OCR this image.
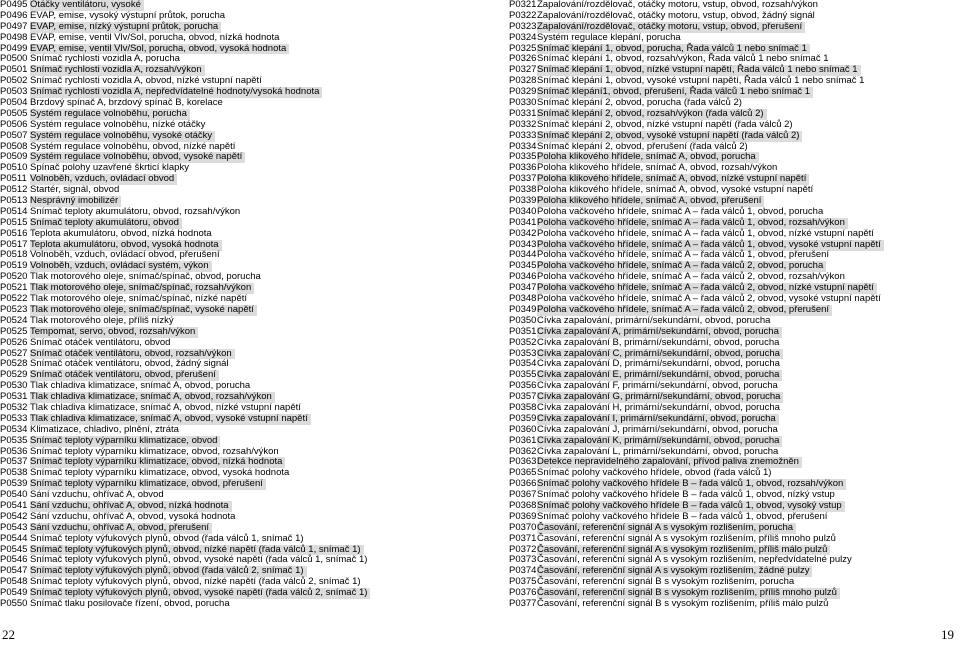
P0495 Otáčky ventilátoru, vysoké
P0496 EVAP, emise, vysoký výstupní průtok, porucha
P0497 EVAP, emise, nízký výstupní průtok, porucha
P0498 EVAP, emise, ventil Vlv/Sol, porucha, obvod, nízká hodnota
P0499 EVAP, emise, ventil Vlv/Sol, porucha, obvod, vysoká hodnota
P0500 Snímač rychlosti vozidla A, porucha
P0501 Snímač rychlosti vozidla A, rozsah/výkon
P0502 Snímač rychlosti vozidla A, obvod, nízké vstupní napětí
P0503 Snímač rychlosti vozidla A, nepředvídatelné hodnoty/vysoká hodnota
P0504 Brzdový spínač A, brzdový spínač B, korelace
P0505 Systém regulace volnoběhu, porucha
P0506 Systém regulace volnoběhu, nízké otáčky
P0507 Systém regulace volnoběhu, vysoké otáčky
P0508 Systém regulace volnoběhu, obvod, nízké napětí
P0509 Systém regulace volnoběhu, obvod, vysoké napětí
P0510 Spínač polohy uzavřené škrticí klapky
P0511 Volnoběh, vzduch, ovládací obvod
P0512 Startér, signál, obvod
P0513 Nesprávný imobilizér
P0514 Snímač teploty akumulátoru, obvod, rozsah/výkon
P0515 Snímač teploty akumulátoru, obvod
P0516 Teplota akumulátoru, obvod, nízká hodnota
P0517 Teplota akumulátoru, obvod, vysoká hodnota
P0518 Volnoběh, vzduch, ovládací obvod, přerušení
P0519 Volnoběh, vzduch, ovládací systém, výkon
P0520 Tlak motorového oleje, snímač/spínač, obvod, porucha
P0521 Tlak motorového oleje, snímač/spínač, rozsah/výkon
P0522 Tlak motorového oleje, snímač/spínač, nízké napětí
P0523 Tlak motorového oleje, snímač/spínač, vysoké napětí
P0524 Tlak motorového oleje, příliš nízký
P0525 Tempomat, servo, obvod, rozsah/výkon
P0526 Snímač otáček ventilátoru, obvod
P0527 Snímač otáček ventilátoru, obvod, rozsah/výkon
P0528 Snímač otáček ventilátoru, obvod, žádný signál
P0529 Snímač otáček ventilátoru, obvod, přerušení
P0530 Tlak chladiva klimatizace, snímač A, obvod, porucha
P0531 Tlak chladiva klimatizace, snímač A, obvod, rozsah/výkon
P0532 Tlak chladiva klimatizace, snímač A, obvod, nízké vstupní napětí
P0533 Tlak chladiva klimatizace, snímač A, obvod, vysoké vstupní napětí
P0534 Klimatizace, chladivo, plnění, ztráta
P0535 Snímač teploty výparníku klimatizace, obvod
P0536 Snímač teploty výparníku klimatizace, obvod, rozsah/výkon
P0537 Snímač teploty výparníku klimatizace, obvod, nízká hodnota
P0538 Snímač teploty výparníku klimatizace, obvod, vysoká hodnota
P0539 Snímač teploty výparníku klimatizace, obvod, přerušení
P0540 Sání vzduchu, ohřívač A, obvod
P0541 Sání vzduchu, ohřívač A, obvod, nízká hodnota
P0542 Sání vzduchu, ohřívač A, obvod, vysoká hodnota
P0543 Sání vzduchu, ohřívač A, obvod, přerušení
P0544 Snímač teploty výfukových plynů, obvod (řada válců 1, snímač 1)
P0545 Snímač teploty výfukových plynů, obvod, nízké napětí (řada válců 1, snímač 1)
P0546 Snímač teploty výfukových plynů, obvod, vysoké napětí (řada válců 1, snímač 1)
P0547 Snímač teploty výfukových plynů, obvod (řada válců 2, snímač 1)
P0548 Snímač teploty výfukových plynů, obvod, nízké napětí (řada válců 2, snímač 1)
P0549 Snímač teploty výfukových plynů, obvod, vysoké napětí (řada válců 2, snímač 1)
P0550 Snímač tlaku posilovače řízení, obvod, porucha
P0321 Zapalování/rozdělovač, otáčky motoru, vstup, obvod, rozsah/výkon
P0322 Zapalování/rozdělovač, otáčky motoru, vstup, obvod, žádný signál
P0323 Zapalování/rozdělovač, otáčky motoru, vstup, obvod, přerušení
P0324 Systém regulace klepání, porucha
P0325 Snímač klepání 1, obvod, porucha, Řada válců 1 nebo snímač 1
P0326 Snímač klepání 1, obvod, rozsah/výkon, Řada válců 1 nebo snímač 1
P0327 Snímač klepání 1, obvod, nízké vstupní napětí, Řada válců 1 nebo snímač 1
P0328 Snímač klepání 1, obvod, vysoké vstupní napětí, Řada válců 1 nebo snímač 1
P0329 Snímač klepání1, obvod, přerušení, Řada válců 1 nebo snímač 1
P0330 Snímač klepání 2, obvod, porucha (řada válců 2)
P0331 Snímač klepání 2, obvod, rozsah/výkon (řada válců 2)
P0332 Snímač klepání 2, obvod, nízké vstupní napětí (řada válců 2)
P0333 Snímač klepání 2, obvod, vysoké vstupní napětí (řada válců 2)
P0334 Snímač klepání 2, obvod, přerušení (řada válců 2)
P0335 Poloha klikového hřídele, snímač A, obvod, porucha
P0336 Poloha klikového hřídele, snímač A, obvod, rozsah/výkon
P0337 Poloha klikového hřídele, snímač A, obvod, nízké vstupní napětí
P0338 Poloha klikového hřídele, snímač A, obvod, vysoké vstupní napětí
P0339 Poloha klikového hřídele, snímač A, obvod, přerušení
P0340 Poloha vačkového hřídele, snímač A – řada válců 1, obvod, porucha
P0341 Poloha vačkového hřídele, snímač A – řada válců 1, obvod, rozsah/výkon
P0342 Poloha vačkového hřídele, snímač A – řada válců 1, obvod, nízké vstupní napětí
P0343 Poloha vačkového hřídele, snímač A – řada válců 1, obvod, vysoké vstupní napětí
P0344 Poloha vačkového hřídele, snímač A – řada válců 1, obvod, přerušení
P0345 Poloha vačkového hřídele, snímač A – řada válců 2, obvod, porucha
P0346 Poloha vačkového hřídele, snímač A – řada válců 2, obvod, rozsah/výkon
P0347 Poloha vačkového hřídele, snímač A – řada válců 2, obvod, nízké vstupní napětí
P0348 Poloha vačkového hřídele, snímač A – řada válců 2, obvod, vysoké vstupní napětí
P0349 Poloha vačkového hřídele, snímač A – řada válců 2, obvod, přerušení
P0350 Cívka zapalování, primární/sekundární, obvod, porucha
P0351 Cívka zapalování A, primární/sekundární, obvod, porucha
P0352 Cívka zapalování B, primární/sekundární, obvod, porucha
P0353 Cívka zapalování C, primární/sekundární, obvod, porucha
P0354 Cívka zapalování D, primární/sekundární, obvod, porucha
P0355 Cívka zapalování E, primární/sekundární, obvod, porucha
P0356 Cívka zapalování F, primární/sekundární, obvod, porucha
P0357 Cívka zapalování G, primární/sekundární, obvod, porucha
P0358 Cívka zapalování H, primární/sekundární, obvod, porucha
P0359 Cívka zapalování I, primární/sekundární, obvod, porucha
P0360 Cívka zapalování J, primární/sekundární, obvod, porucha
P0361 Cívka zapalování K, primární/sekundární, obvod, porucha
P0362 Cívka zapalování L, primární/sekundární, obvod, porucha
P0363 Detekce nepravidelného zapalování, přívod paliva znemožněn
P0365 Snímač polohy vačkového hřídele, obvod (řada válců 1)
P0366 Snímač polohy vačkového hřídele B – řada válců 1, obvod, rozsah/výkon
P0367 Snímač polohy vačkového hřídele B – řada válců 1, obvod, nízký vstup
P0368 Snímač polohy vačkového hřídele B – řada válců 1, obvod, vysoký vstup
P0369 Snímač polohy vačkového hřídele B – řada válců 1, obvod, přerušení
P0370 Časování, referenční signál A s vysokým rozlišením, porucha
P0371 Časování, referenční signál A s vysokým rozlišením, příliš mnoho pulzů
P0372 Časování, referenční signál A s vysokým rozlišením, příliš málo pulzů
P0373 Časování, referenční signál A s vysokým rozlišením, nepředvídatelné pulzy
P0374 Časování, referenční signál A s vysokým rozlišením, žádné pulzy
P0375 Časování, referenční signál B s vysokým rozlišením, porucha
P0376 Časování, referenční signál B s vysokým rozlišením, příliš mnoho pulzů
P0377 Časování, referenční signál B s vysokým rozlišením, příliš málo pulzů
22	19
